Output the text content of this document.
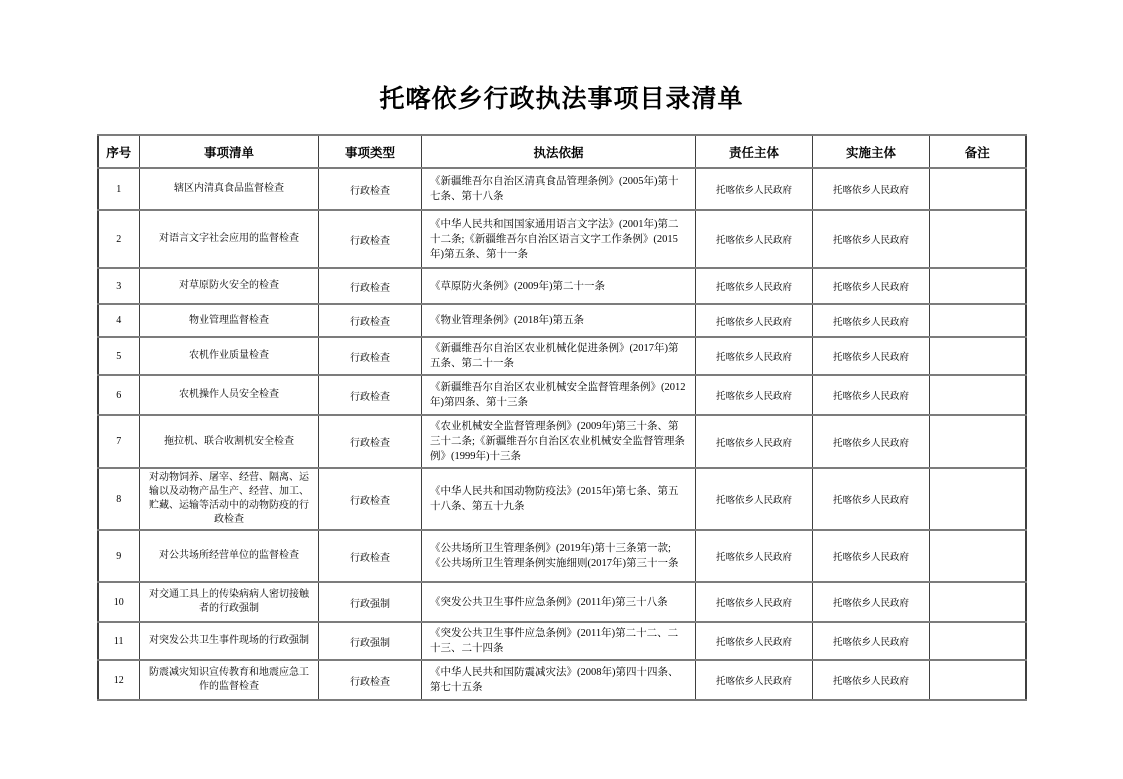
托喀依乡行政执法事项目录清单
序号	事项清单	事项类型	执法依据	责任主体	实施主体	备注
1	辖区内清真食品监督检查	行政检查	《新疆维吾尔自治区清真食品管理条例》(2005年)第十七条、第十八条	托喀依乡人民政府	托喀依乡人民政府	
2	对语言文字社会应用的监督检查	行政检查	《中华人民共和国国家通用语言文字法》(2001年)第二十二条;《新疆维吾尔自治区语言文字工作条例》(2015年)第五条、第十一条	托喀依乡人民政府	托喀依乡人民政府	
3	对草原防火安全的检查	行政检查	《草原防火条例》(2009年)第二十一条	托喀依乡人民政府	托喀依乡人民政府	
4	物业管理监督检查	行政检查	《物业管理条例》(2018年)第五条	托喀依乡人民政府	托喀依乡人民政府	
5	农机作业质量检查	行政检查	《新疆维吾尔自治区农业机械化促进条例》(2017年)第五条、第二十一条	托喀依乡人民政府	托喀依乡人民政府	
6	农机操作人员安全检查	行政检查	《新疆维吾尔自治区农业机械安全监督管理条例》(2012年)第四条、第十三条	托喀依乡人民政府	托喀依乡人民政府	
7	拖拉机、联合收割机安全检查	行政检查	《农业机械安全监督管理条例》(2009年)第三十条、第三十二条;《新疆维吾尔自治区农业机械安全监督管理条例》(1999年)十三条	托喀依乡人民政府	托喀依乡人民政府	
8	对动物饲养、屠宰、经营、隔离、运输以及动物产品生产、经营、加工、贮藏、运输等活动中的动物防疫的行政检查	行政检查	《中华人民共和国动物防疫法》(2015年)第七条、第五十八条、第五十九条	托喀依乡人民政府	托喀依乡人民政府	
9	对公共场所经营单位的监督检查	行政检查	《公共场所卫生管理条例》(2019年)第十三条第一款;《公共场所卫生管理条例实施细则(2017年)第三十一条	托喀依乡人民政府	托喀依乡人民政府	
10	对交通工具上的传染病病人密切接触者的行政强制	行政强制	《突发公共卫生事件应急条例》(2011年)第三十八条	托喀依乡人民政府	托喀依乡人民政府	
11	对突发公共卫生事件现场的行政强制	行政强制	《突发公共卫生事件应急条例》(2011年)第二十二、二十三、二十四条	托喀依乡人民政府	托喀依乡人民政府	
12	防震减灾知识宣传教育和地震应急工作的监督检查	行政检查	《中华人民共和国防震减灾法》(2008年)第四十四条、第七十五条	托喀依乡人民政府	托喀依乡人民政府	
